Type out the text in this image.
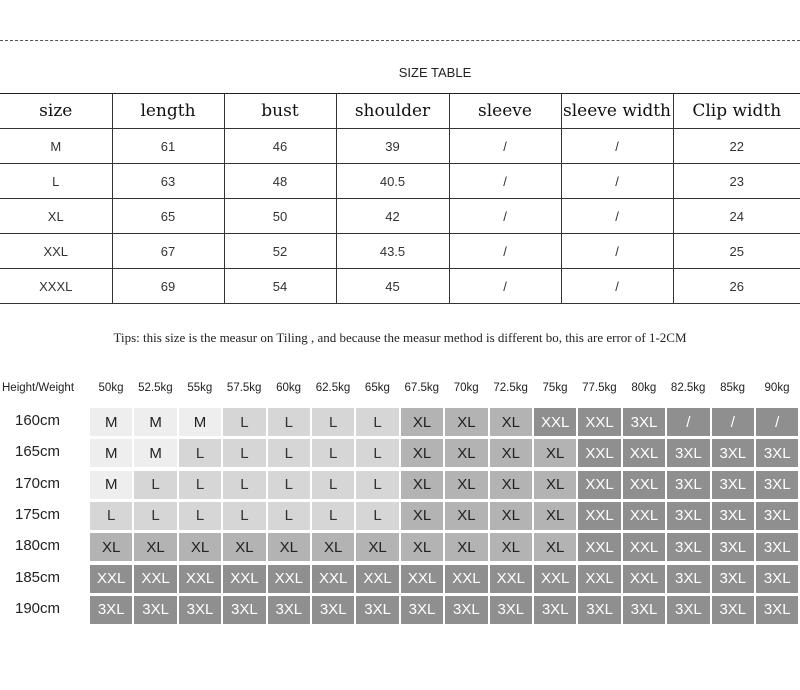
SIZE TABLE
size	length	bust	shoulder	sleeve	sleeve width	Clip width
M	61	46	39	/	/	22
L	63	48	40.5	/	/	23
XL	65	50	42	/	/	24
XXL	67	52	43.5	/	/	25
XXXL	69	54	45	/	/	26
Tips: this size is the measur on Tiling , and because the measur method is different bo, this are error of 1-2CM
Height/Weight	50kg	52.5kg	55kg	57.5kg	60kg	62.5kg	65kg	67.5kg	70kg	72.5kg	75kg	77.5kg	80kg	82.5kg	85kg	90kg
160cm	M	M	M	L	L	L	L	XL	XL	XL	XXL	XXL	3XL	/	/	/
165cm	M	M	L	L	L	L	L	XL	XL	XL	XL	XXL	XXL	3XL	3XL	3XL
170cm	M	L	L	L	L	L	L	XL	XL	XL	XL	XXL	XXL	3XL	3XL	3XL
175cm	L	L	L	L	L	L	L	XL	XL	XL	XL	XXL	XXL	3XL	3XL	3XL
180cm	XL	XL	XL	XL	XL	XL	XL	XL	XL	XL	XL	XXL	XXL	3XL	3XL	3XL
185cm	XXL	XXL	XXL	XXL	XXL	XXL	XXL	XXL	XXL	XXL	XXL	XXL	XXL	3XL	3XL	3XL
190cm	3XL	3XL	3XL	3XL	3XL	3XL	3XL	3XL	3XL	3XL	3XL	3XL	3XL	3XL	3XL	3XL
